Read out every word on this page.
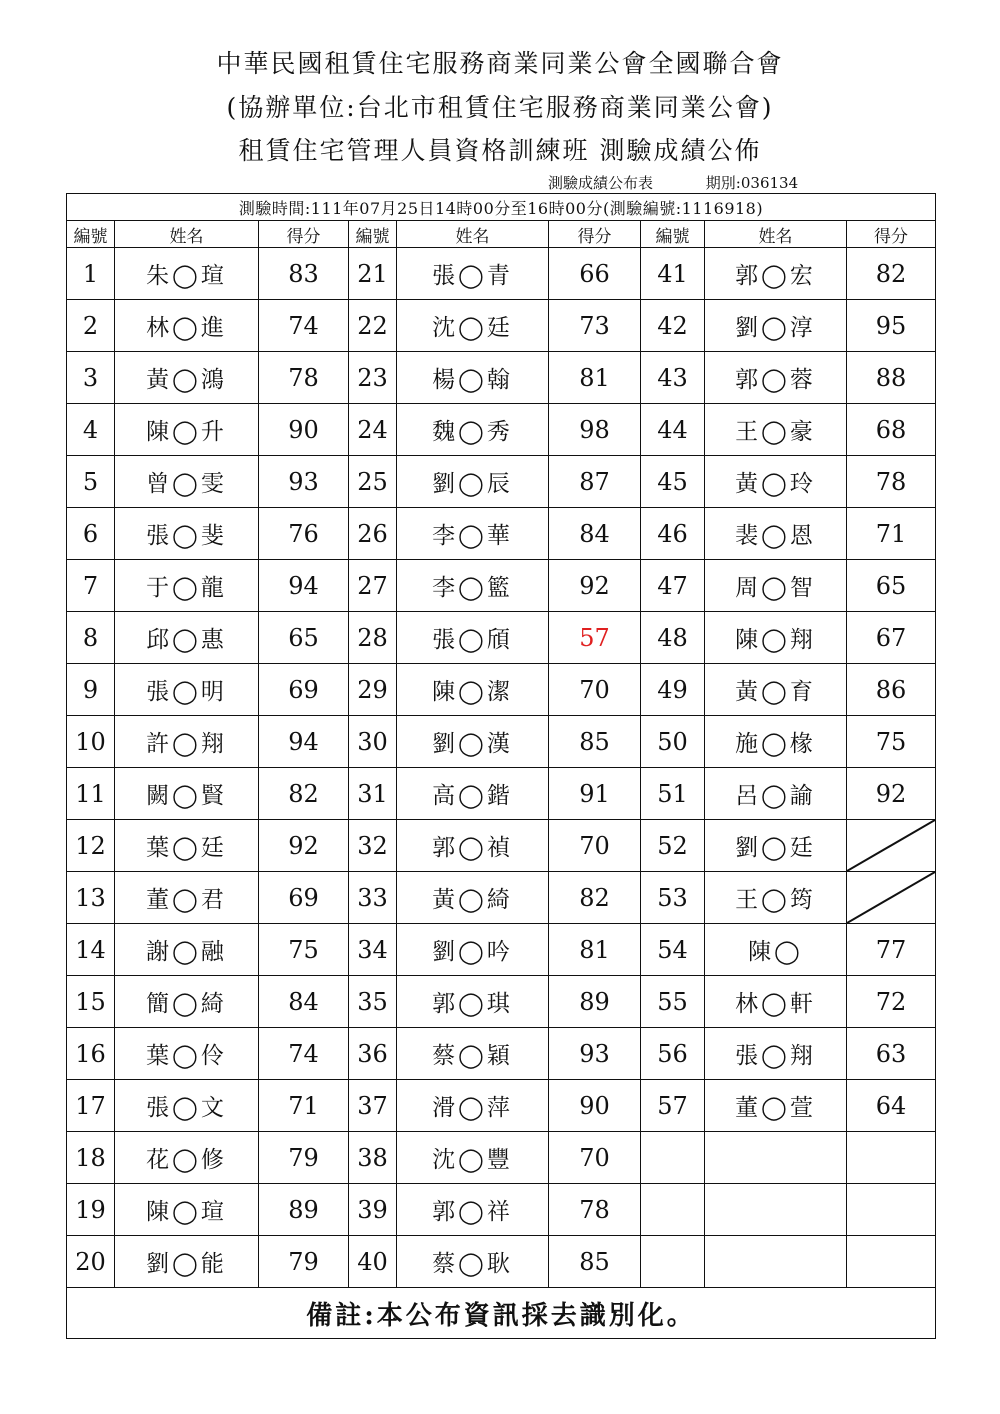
中華民國租賃住宅服務商業同業公會全國聯合會
(協辦單位:台北市租賃住宅服務商業同業公會)
租賃住宅管理人員資格訓練班 測驗成績公佈
測驗成績公布表	期別:036134
測驗時間:111年07月25日14時00分至16時00分(測驗編號:1116918)								
編號	姓名	得分	編號	姓名	得分	編號	姓名	得分
1	朱◯瑄	83	21	張◯青	66	41	郭◯宏	82
2	林◯進	74	22	沈◯廷	73	42	劉◯淳	95
3	黃◯鴻	78	23	楊◯翰	81	43	郭◯蓉	88
4	陳◯升	90	24	魏◯秀	98	44	王◯豪	68
5	曾◯雯	93	25	劉◯辰	87	45	黃◯玲	78
6	張◯斐	76	26	李◯華	84	46	裴◯恩	71
7	于◯龍	94	27	李◯籃	92	47	周◯智	65
8	邱◯惠	65	28	張◯頎	57	48	陳◯翔	67
9	張◯明	69	29	陳◯潔	70	49	黃◯育	86
10	許◯翔	94	30	劉◯漢	85	50	施◯椽	75
11	闕◯賢	82	31	高◯鍇	91	51	呂◯諭	92
12	葉◯廷	92	32	郭◯禎	70	52	劉◯廷	

13	董◯君	69	33	黃◯綺	82	53	王◯筠	

14	謝◯融	75	34	劉◯吟	81	54	陳◯	77
15	簡◯綺	84	35	郭◯琪	89	55	林◯軒	72
16	葉◯伶	74	36	蔡◯穎	93	56	張◯翔	63
17	張◯文	71	37	滑◯萍	90	57	董◯萱	64
18	花◯修	79	38	沈◯豐	70			
19	陳◯瑄	89	39	郭◯祥	78			
20	劉◯能	79	40	蔡◯耿	85			
備註:本公布資訊採去識別化。								
